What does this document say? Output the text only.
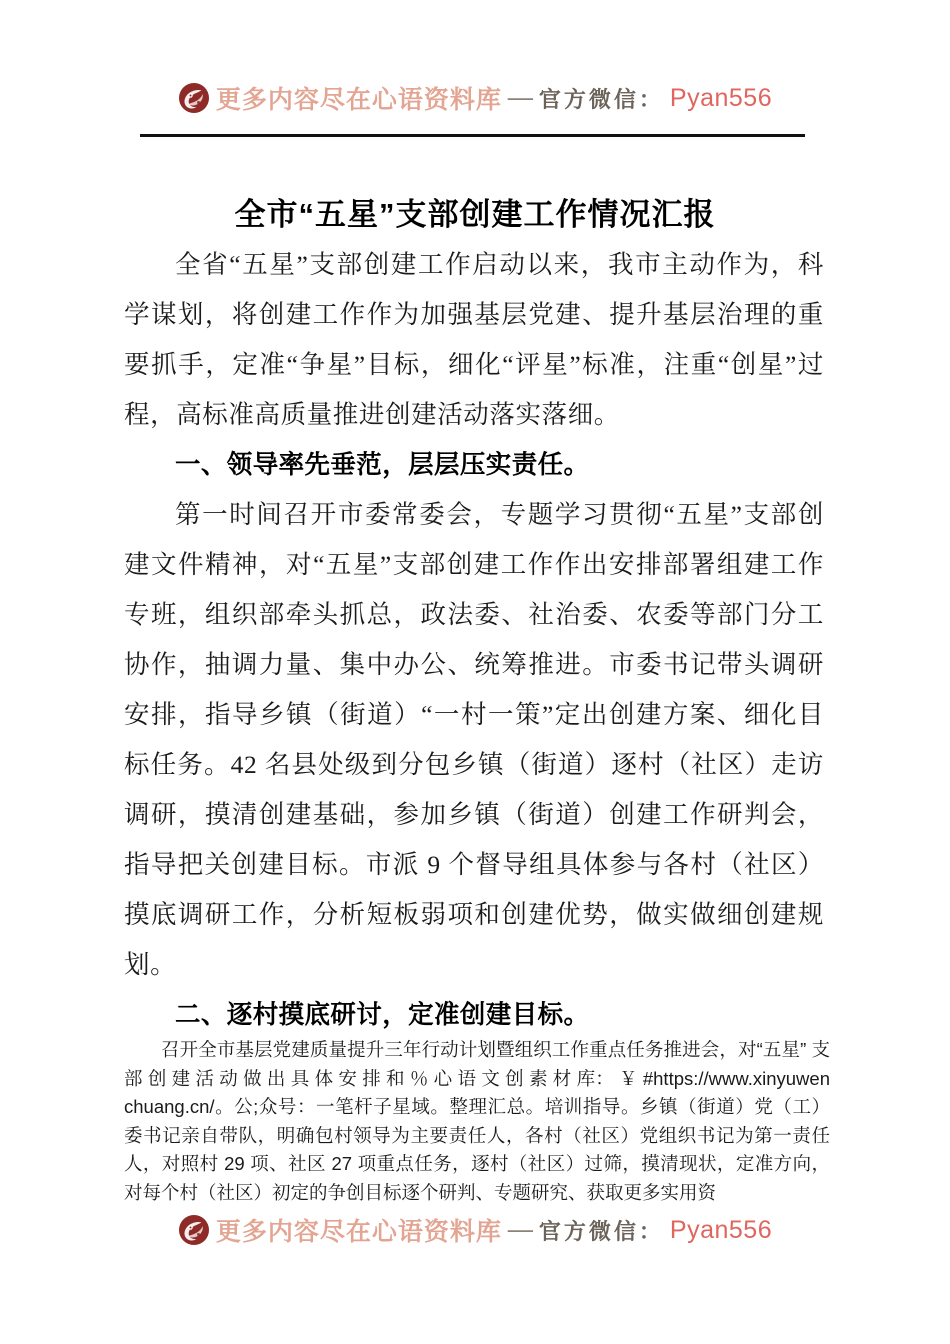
更多内容尽在心语资料库 — 官方微信： Pyan556
全市“五星”支部创建工作情况汇报

全省“五星”支部创建工作启动以来，我市主动作为，科学谋划，将创建工作作为加强基层党建、提升基层治理的重要抓手，定准“争星”目标，细化“评星”标准，注重“创星”过程，高标准高质量推进创建活动落实落细。

一、领导率先垂范，层层压实责任。

第一时间召开市委常委会，专题学习贯彻“五星”支部创建文件精神，对“五星”支部创建工作作出安排部署组建工作专班，组织部牵头抓总，政法委、社治委、农委等部门分工协作，抽调力量、集中办公、统筹推进。市委书记带头调研安排，指导乡镇（街道）“一村一策”定出创建方案、细化目标任务。42 名县处级到分包乡镇（街道）逐村（社区）走访调研，摸清创建基础，参加乡镇（街道）创建工作研判会，指导把关创建目标。市派 9 个督导组具体参与各村（社区）摸底调研工作，分析短板弱项和创建优势，做实做细创建规划。

二、逐村摸底研讨，定准创建目标。

召开全市基层党建质量提升三年行动计划暨组织工作重点任务推进会，对“五星” 支 部 创 建 活 动 做 出 具 体 安 排 和 ％ 心 语 文 创 素 材 库： ￥ #https://www.xinyuwenchuang.cn/。公;众号：一笔杆子星域。整理汇总。培训指导。乡镇（街道）党（工）委书记亲自带队，明确包村领导为主要责任人，各村（社区）党组织书记为第一责任人，对照村 29 项、社区 27 项重点任务，逐村（社区）过筛，摸清现状，定准方向，对每个村（社区）初定的争创目标逐个研判、专题研究、获取更多实用资

更多内容尽在心语资料库 — 官方微信： Pyan556
